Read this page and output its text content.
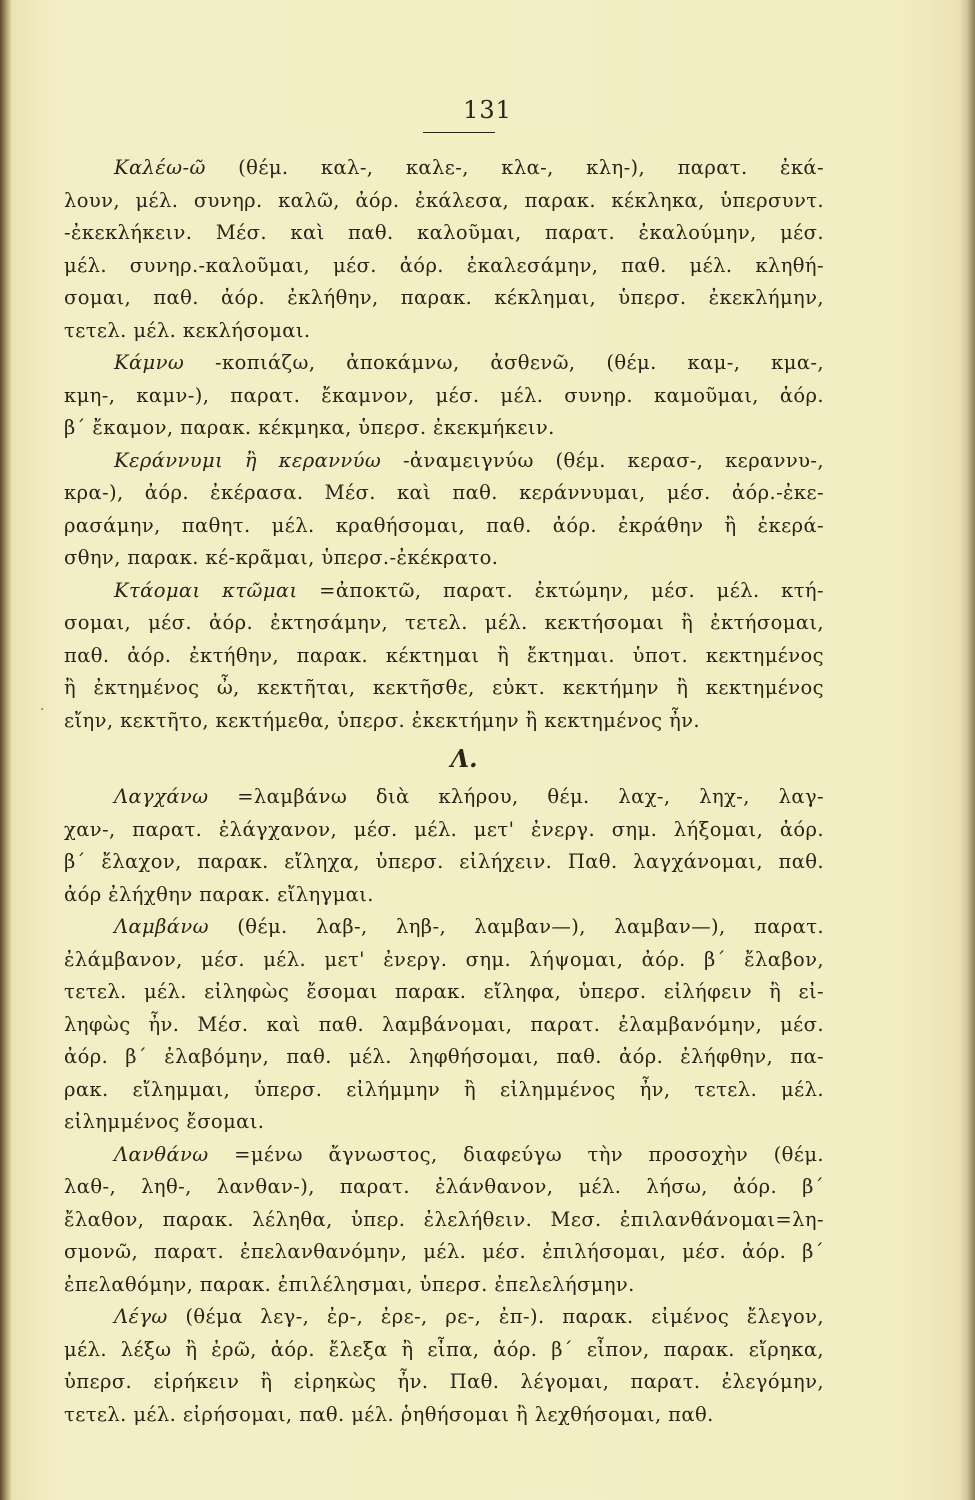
131
·
Καλέω-ῶ (θέμ. καλ-, καλε-, κλα-, κλη-), παρατ. ἐκά-
λουν, μέλ. συνηρ. καλῶ, ἀόρ. ἐκάλεσα, παρακ. κέκληκα, ὑπερσυντ.
-ἐκεκλήκειν. Μέσ. καὶ παθ. καλοῦμαι, παρατ. ἐκαλούμην, μέσ.
μέλ. συνηρ.-καλοῦμαι, μέσ. ἀόρ. ἐκαλεσάμην, παθ. μέλ. κληθή-
σομαι, παθ. ἀόρ. ἐκλήθην, παρακ. κέκλημαι, ὑπερσ. ἐκεκλήμην,
τετελ. μέλ. κεκλήσομαι.
Κάμνω -κοπιάζω, ἀποκάμνω, ἀσθενῶ, (θέμ. καμ-, κμα-,
κμη-, καμν-), παρατ. ἔκαμνον, μέσ. μέλ. συνηρ. καμοῦμαι, ἀόρ.
β΄ ἔκαμον, παρακ. κέκμηκα, ὑπερσ. ἐκεκμήκειν.
Κεράννυμι ἢ κεραννύω -ἀναμειγνύω (θέμ. κερασ-, κεραννυ-,
κρα-), ἀόρ. ἐκέρασα. Μέσ. καὶ παθ. κεράννυμαι, μέσ. ἀόρ.-ἐκε-
ρασάμην, παθητ. μέλ. κραθήσομαι, παθ. ἀόρ. ἐκράθην ἢ ἐκερά-
σθην, παρακ. κέ-κρᾶμαι, ὑπερσ.-ἐκέκρατο.
Κτάομαι κτῶμαι =ἀποκτῶ, παρατ. ἐκτώμην, μέσ. μέλ. κτή-
σομαι, μέσ. ἀόρ. ἐκτησάμην, τετελ. μέλ. κεκτήσομαι ἢ ἐκτήσομαι,
παθ. ἀόρ. ἐκτήθην, παρακ. κέκτημαι ἢ ἔκτημαι. ὑποτ. κεκτημένος
ἢ ἐκτημένος ὦ, κεκτῆται, κεκτῆσθε, εὐκτ. κεκτήμην ἢ κεκτημένος
εἴην, κεκτῆτο, κεκτήμεθα, ὑπερσ. ἐκεκτήμην ἢ κεκτημένος ἦν.
Λ.
Λαγχάνω =λαμβάνω διὰ κλήρου, θέμ. λαχ-, ληχ-, λαγ-
χαν-, παρατ. ἐλάγχανον, μέσ. μέλ. μετ' ἐνεργ. σημ. λήξομαι, ἀόρ.
β΄ ἔλαχον, παρακ. εἴληχα, ὑπερσ. εἰλήχειν. Παθ. λαγχάνομαι, παθ.
ἀόρ ἐλήχθην παρακ. εἴληγμαι.
Λαμβάνω (θέμ. λαβ-, ληβ-, λαμβαν—), λαμβαν—), παρατ.
ἐλάμβανον, μέσ. μέλ. μετ' ἐνεργ. σημ. λήψομαι, ἀόρ. β΄ ἔλαβον,
τετελ. μέλ. εἰληφὼς ἔσομαι παρακ. εἴληφα, ὑπερσ. εἰλήφειν ἢ εἰ-
ληφὼς ἦν. Μέσ. καὶ παθ. λαμβάνομαι, παρατ. ἐλαμβανόμην, μέσ.
ἀόρ. β΄ ἐλαβόμην, παθ. μέλ. ληφθήσομαι, παθ. ἀόρ. ἐλήφθην, πα-
ρακ. εἴλημμαι, ὑπερσ. εἰλήμμην ἢ εἰλημμένος ἦν, τετελ. μέλ.
εἰλημμένος ἔσομαι.
Λανθάνω =μένω ἄγνωστος, διαφεύγω τὴν προσοχὴν (θέμ.
λαθ-, ληθ-, λανθαν-), παρατ. ἐλάνθανον, μέλ. λήσω, ἀόρ. β΄
ἔλαθον, παρακ. λέληθα, ὑπερ. ἐλελήθειν. Μεσ. ἐπιλανθάνομαι=λη-
σμονῶ, παρατ. ἐπελανθανόμην, μέλ. μέσ. ἐπιλήσομαι, μέσ. ἀόρ. β΄
ἐπελαθόμην, παρακ. ἐπιλέλησμαι, ὑπερσ. ἐπελελήσμην.
Λέγω (θέμα λεγ-, ἐρ-, ἐρε-, ρε-, ἐπ-). παρακ. εἰμένος ἔλεγον,
μέλ. λέξω ἢ ἐρῶ, ἀόρ. ἔλεξα ἢ εἶπα, ἀόρ. β΄ εἶπον, παρακ. εἴρηκα,
ὑπερσ. εἰρήκειν ἢ εἰρηκὼς ἦν. Παθ. λέγομαι, παρατ. ἐλεγόμην,
τετελ. μέλ. εἰρήσομαι, παθ. μέλ. ῥηθήσομαι ἢ λεχθήσομαι, παθ.
